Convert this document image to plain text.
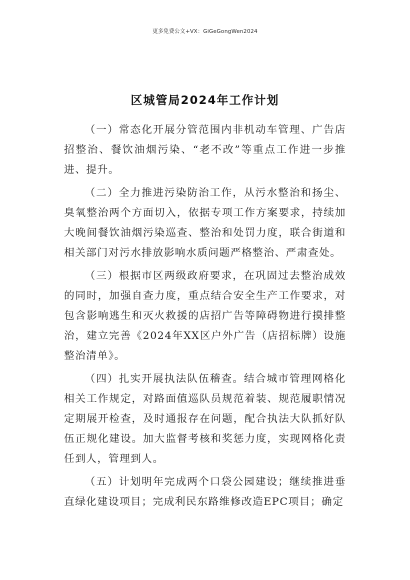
更多免费公文+VX：GiGeGongWen2024
区城管局2024年工作计划

（一）常态化开展分管范围内非机动车管理、广告店招整治、餐饮油烟污染、“老不改”等重点工作进一步推进、提升。

（二）全力推进污染防治工作，从污水整治和扬尘、臭氧整治两个方面切入，依据专项工作方案要求，持续加大晚间餐饮油烟污染巡查、整治和处罚力度，联合街道和相关部门对污水排放影响水质问题严格整治、严肃查处。

（三）根据市区两级政府要求，在巩固过去整治成效的同时，加强自查力度，重点结合安全生产工作要求，对包含影响逃生和灭火救援的店招广告等障碍物进行摸排整治，建立完善《2024年XX区户外广告（店招标牌）设施整治清单》。

（四）扎实开展执法队伍稽查。结合城市管理网格化相关工作规定，对路面值巡队员规范着装、规范履职情况定期展开检查，及时通报存在问题，配合执法大队抓好队伍正规化建设。加大监督考核和奖惩力度，实现网格化责任到人，管理到人。

（五）计划明年完成两个口袋公园建设；继续推进垂直绿化建设项目；完成利民东路维修改造EPC项目；确定
